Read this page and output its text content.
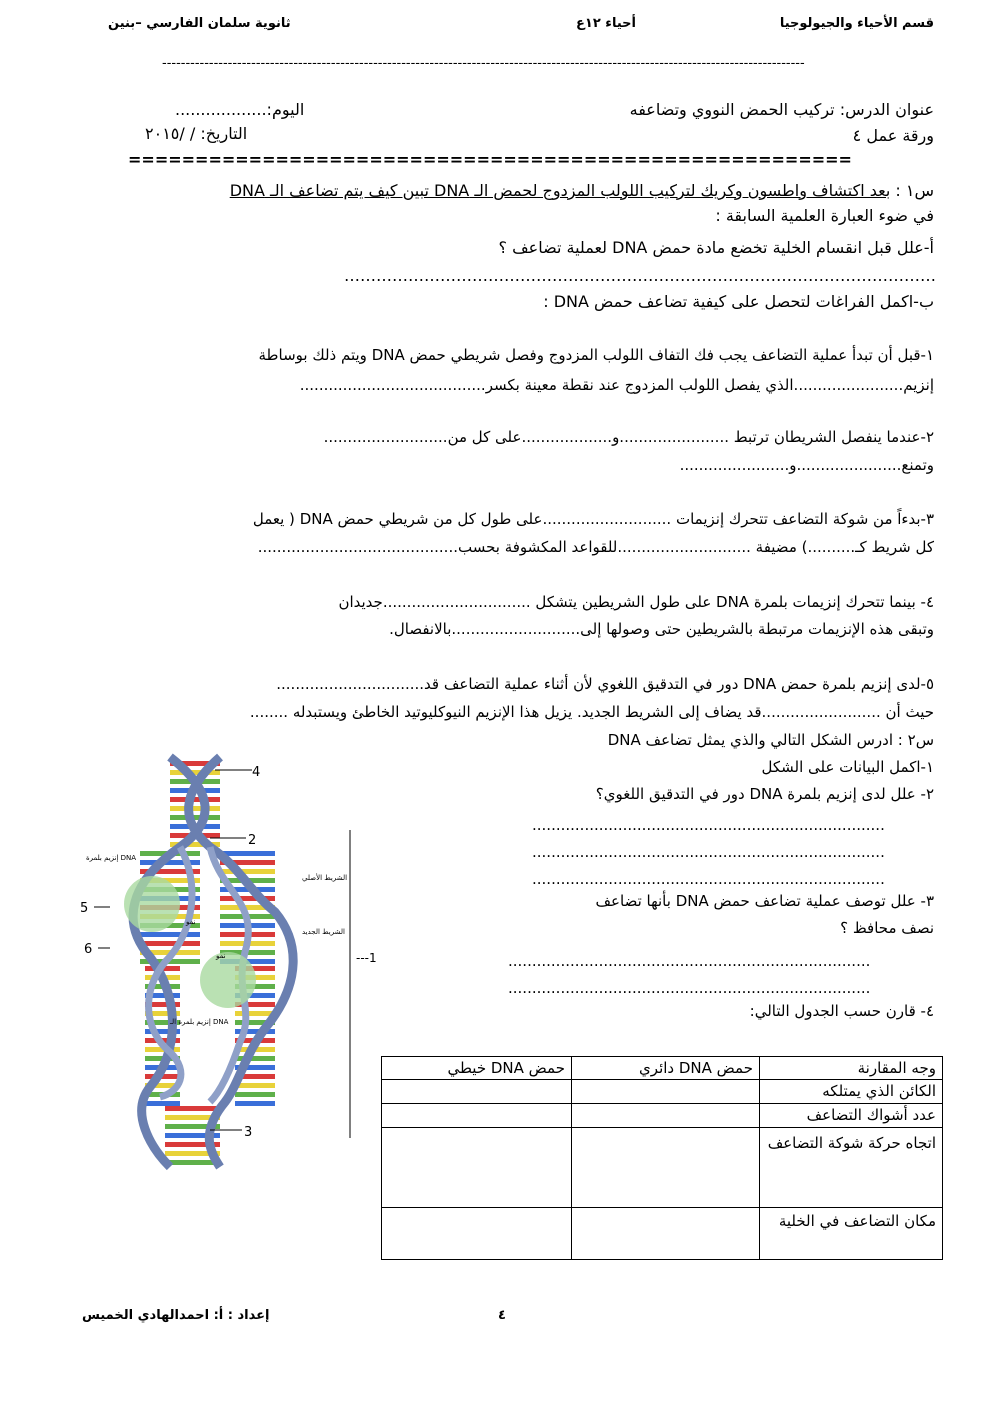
قسم الأحياء والجيولوجيا
أحياء ١٢ع
ثانوية سلمان الفارسي –بنين
-----------------------------------------------------------------------------------------------------------------------------------------
عنوان الدرس: تركيب الحمض النووي وتضاعفه
اليوم:..................
ورقة عمل ٤
التاريخ: / /٢٠١٥
======================================================
س١ : بعد اكتشاف واطسون وكريك لتركيب اللولب المزدوج لحمض الـ DNA تبين كيف يتم تضاعف الـ DNA
في ضوء العبارة العلمية السابقة :
أ-علل قبل انقسام الخلية تخضع مادة حمض DNA لعملية تضاعف ؟
…………………………………………………………………………………………………
ب-اكمل الفراغات لتحصل على كيفية تضاعف حمض DNA :
١-قبل أن تبدأ عملية التضاعف يجب فك التفاف اللولب المزدوج وفصل شريطي حمض DNA ويتم ذلك بوساطة
إنزيم.......................الذي يفصل اللولب المزدوج عند نقطة معينة بكسر.......................................
٢-عندما ينفصل الشريطان ترتبط .......................و...................على كل من..........................
وتمنع......................و.......................
٣-بدءاً من شوكة التضاعف تتحرك إنزيمات ...........................على طول كل من شريطي حمض DNA ( يعمل
كل شريط كـ..........) مضيفة ............................للقواعد المكشوفة بحسب..........................................
٤- بينما تتحرك إنزيمات بلمرة DNA على طول الشريطين يتشكل ...............................جديدان
وتبقى هذه الإنزيمات مرتبطة بالشريطين حتى وصولها إلى...........................بالانفصال.
٥-لدى إنزيم بلمرة حمض DNA دور في التدقيق اللغوي لأن أثناء عملية التضاعف قد...............................
حيث أن .........................قد يضاف إلى الشريط الجديد. يزيل هذا الإنزيم النيوكليوتيد الخاطئ ويستبدله ........
س٢ : ادرس الشكل التالي والذي يمثل تضاعف DNA
١-اكمل البيانات على الشكل
٢- علل لدى إنزيم بلمرة DNA دور في التدقيق اللغوي؟
..........................................................................
..........................................................................
..........................................................................
٣- علل توصف عملية تضاعف حمض DNA بأنها تضاعف
نصف محافظ ؟
............................................................................
............................................................................
٤- قارن حسب الجدول التالي:
4
2
5
6
3
---1
إنزيم بلمرة DNA
الشريط الأصلي
الشريط الجديد
نمو
نمو
إنزيم بلمرة الـ DNA
وجه المقارنة	حمض DNA دائري	حمض DNA خيطي
الكائن الذي يمتلكه		
عدد أشواك التضاعف		
اتجاه حركة شوكة التضاعف		
مكان التضاعف في الخلية		
٤
إعداد : أ: احمدالهادي الخميس
